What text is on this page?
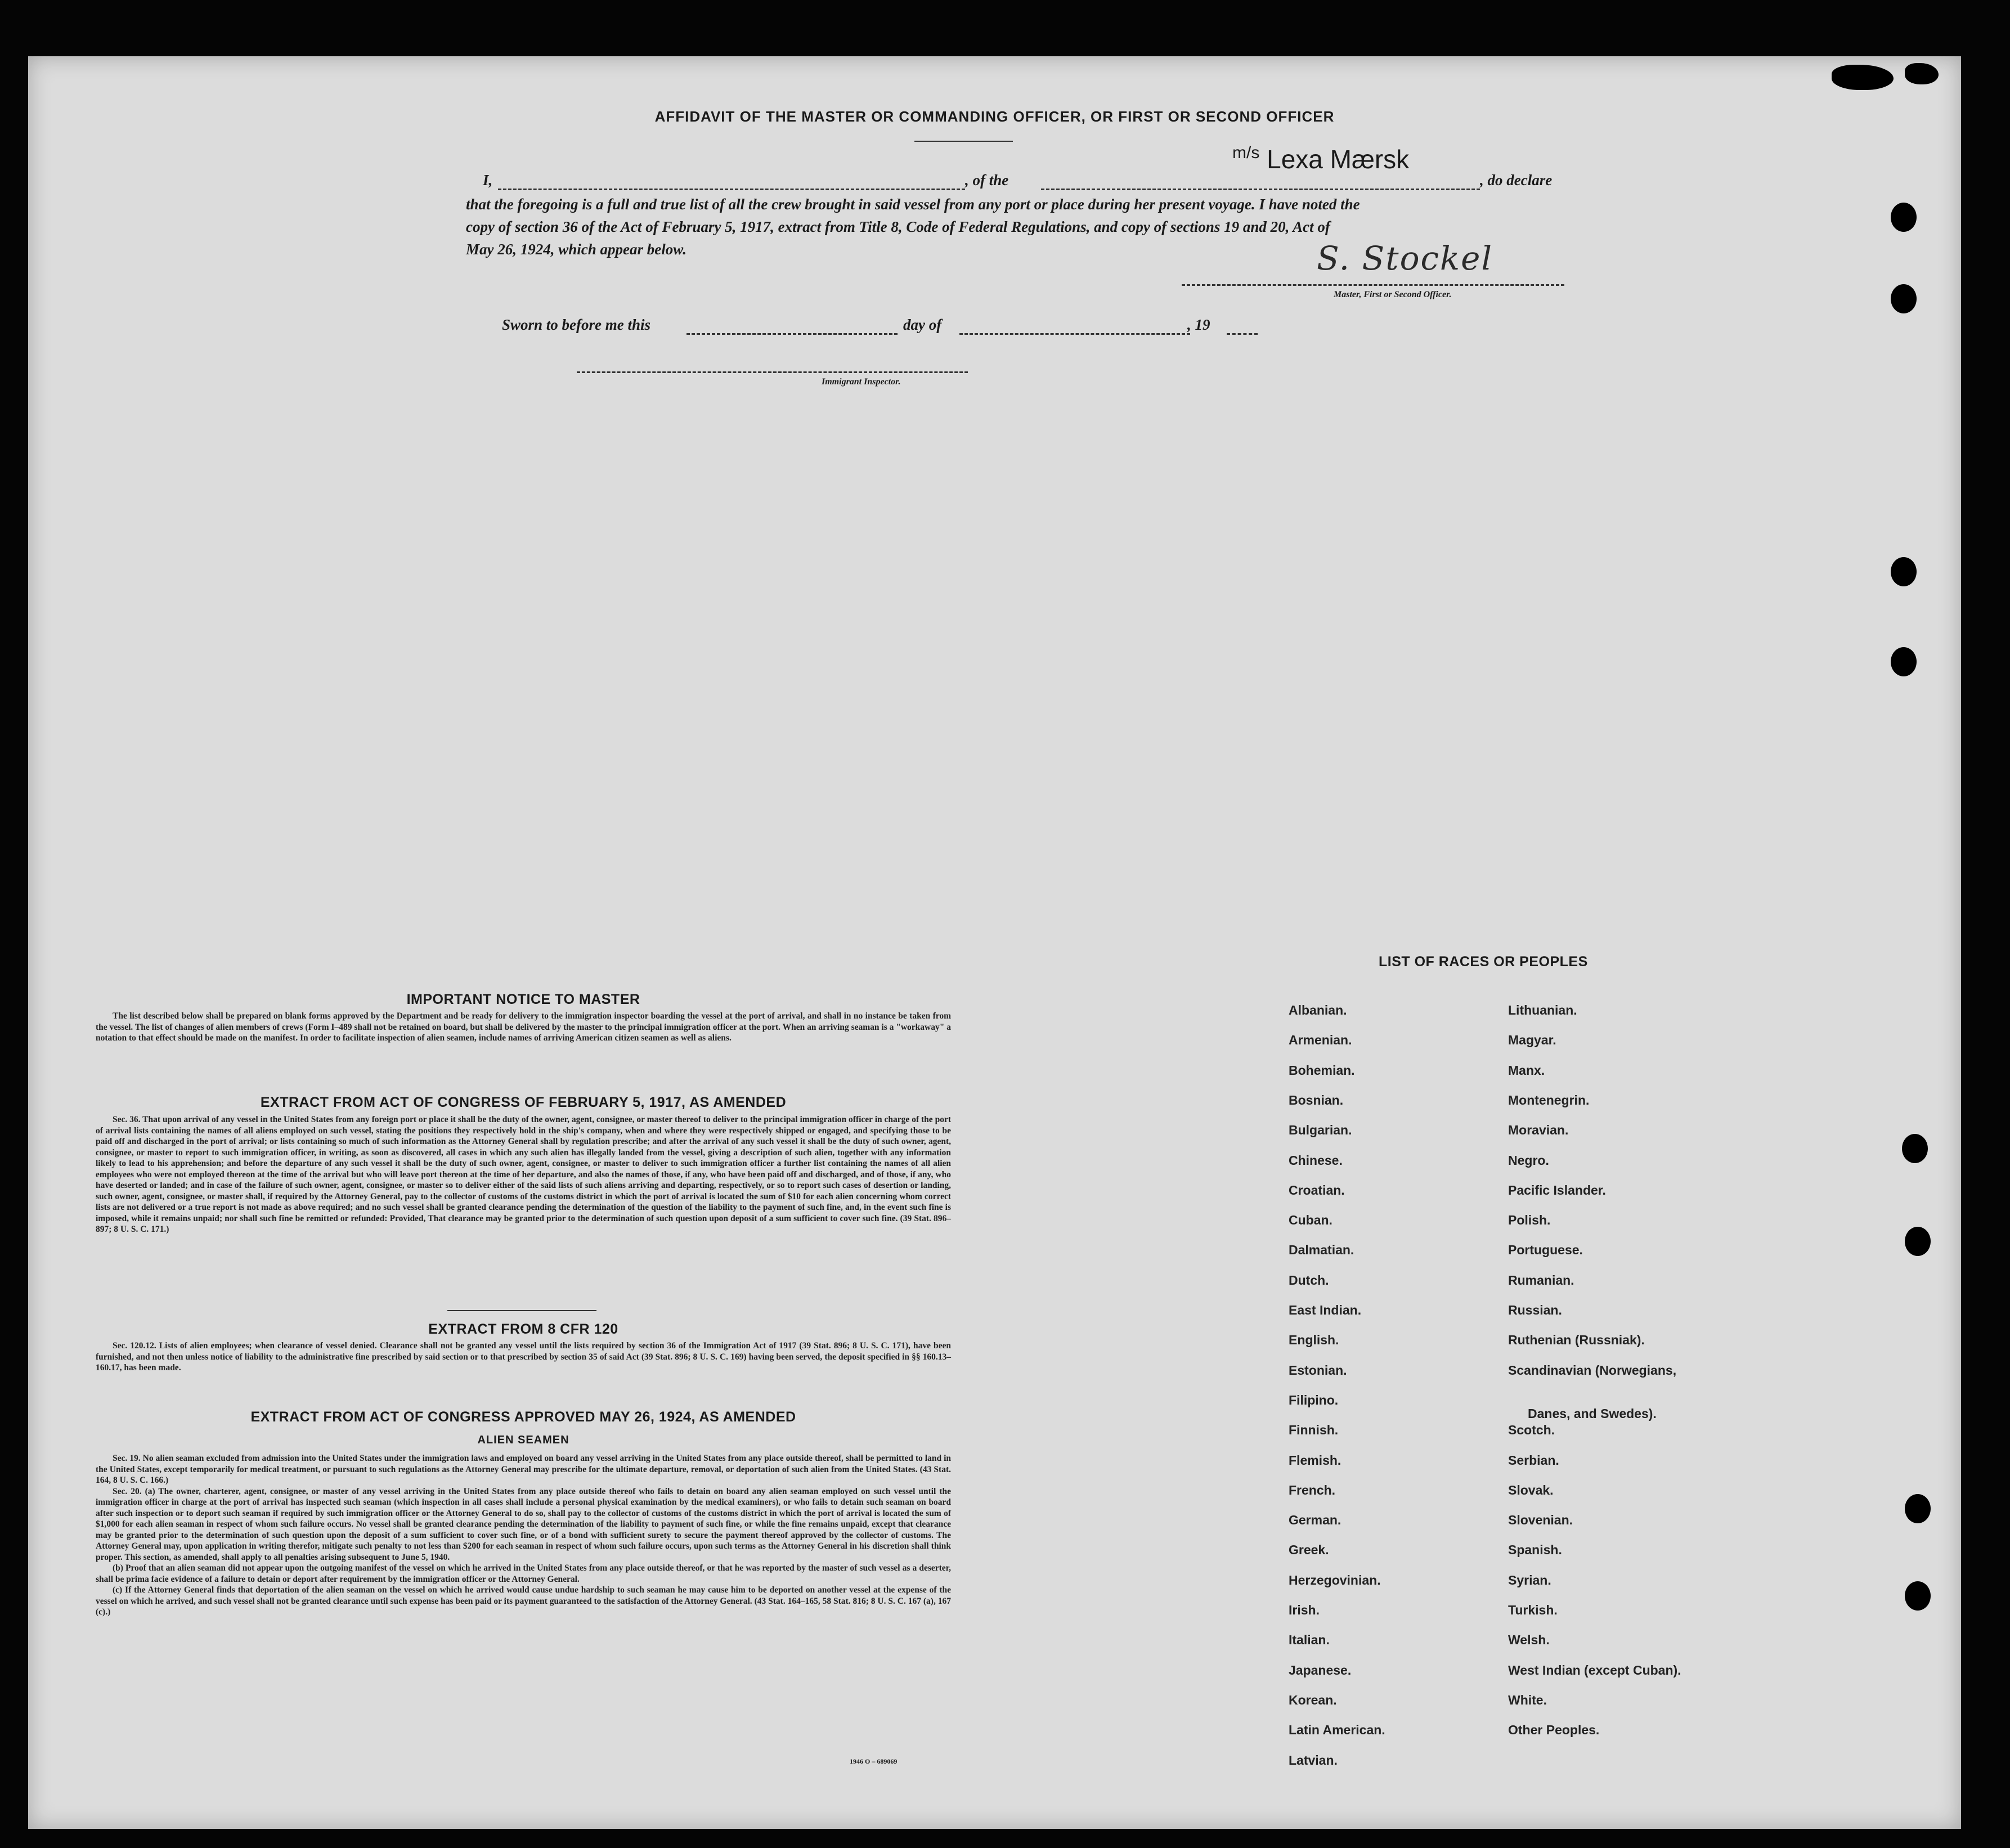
AFFIDAVIT OF THE MASTER OR COMMANDING OFFICER, OR FIRST OR SECOND OFFICER
I,	, of the
$^{m/s}$ Lexa Mærsk
, do declare
that the foregoing is a full and true list of all the crew brought in said vessel from any port or place during her present voyage. I have noted the
copy of section 36 of the Act of February 5, 1917, extract from Title 8, Code of Federal Regulations, and copy of sections 19 and 20, Act of
May 26, 1924, which appear below.	S. Stockel
Master, First or Second Officer.
Sworn to before me this	day of	, 19
Immigrant Inspector.
IMPORTANT NOTICE TO MASTER

The list described below shall be prepared on blank forms approved by the Department and be ready for delivery to the immigration inspector boarding the vessel at the port of arrival, and shall in no instance be taken from the vessel. The list of changes of alien members of crews (Form I–489 shall not be retained on board, but shall be delivered by the master to the principal immigration officer at the port. When an arriving seaman is a "workaway" a notation to that effect should be made on the manifest. In order to facilitate inspection of alien seamen, include names of arriving American citizen seamen as well as aliens.

EXTRACT FROM ACT OF CONGRESS OF FEBRUARY 5, 1917, AS AMENDED

Sec. 36. That upon arrival of any vessel in the United States from any foreign port or place it shall be the duty of the owner, agent, consignee, or master thereof to deliver to the principal immigration officer in charge of the port of arrival lists containing the names of all aliens employed on such vessel, stating the positions they respectively hold in the ship's company, when and where they were respectively shipped or engaged, and specifying those to be paid off and discharged in the port of arrival; or lists containing so much of such information as the Attorney General shall by regulation prescribe; and after the arrival of any such vessel it shall be the duty of such owner, agent, consignee, or master to report to such immigration officer, in writing, as soon as discovered, all cases in which any such alien has illegally landed from the vessel, giving a description of such alien, together with any information likely to lead to his apprehension; and before the departure of any such vessel it shall be the duty of such owner, agent, consignee, or master to deliver to such immigration officer a further list containing the names of all alien employees who were not employed thereon at the time of the arrival but who will leave port thereon at the time of her departure, and also the names of those, if any, who have been paid off and discharged, and of those, if any, who have deserted or landed; and in case of the failure of such owner, agent, consignee, or master so to deliver either of the said lists of such aliens arriving and departing, respectively, or so to report such cases of desertion or landing, such owner, agent, consignee, or master shall, if required by the Attorney General, pay to the collector of customs of the customs district in which the port of arrival is located the sum of $10 for each alien concerning whom correct lists are not delivered or a true report is not made as above required; and no such vessel shall be granted clearance pending the determination of the question of the liability to the payment of such fine, and, in the event such fine is imposed, while it remains unpaid; nor shall such fine be remitted or refunded: Provided, That clearance may be granted prior to the determination of such question upon deposit of a sum sufficient to cover such fine. (39 Stat. 896–897; 8 U. S. C. 171.)

EXTRACT FROM 8 CFR 120

Sec. 120.12. Lists of alien employees; when clearance of vessel denied. Clearance shall not be granted any vessel until the lists required by section 36 of the Immigration Act of 1917 (39 Stat. 896; 8 U. S. C. 171), have been furnished, and not then unless notice of liability to the administrative fine prescribed by said section or to that prescribed by section 35 of said Act (39 Stat. 896; 8 U. S. C. 169) having been served, the deposit specified in §§ 160.13–160.17, has been made.

EXTRACT FROM ACT OF CONGRESS APPROVED MAY 26, 1924, AS AMENDED
ALIEN SEAMEN

Sec. 19. No alien seaman excluded from admission into the United States under the immigration laws and employed on board any vessel arriving in the United States from any place outside thereof, shall be permitted to land in the United States, except temporarily for medical treatment, or pursuant to such regulations as the Attorney General may prescribe for the ultimate departure, removal, or deportation of such alien from the United States. (43 Stat. 164, 8 U. S. C. 166.)

Sec. 20. (a) The owner, charterer, agent, consignee, or master of any vessel arriving in the United States from any place outside thereof who fails to detain on board any alien seaman employed on such vessel until the immigration officer in charge at the port of arrival has inspected such seaman (which inspection in all cases shall include a personal physical examination by the medical examiners), or who fails to detain such seaman on board after such inspection or to deport such seaman if required by such immigration officer or the Attorney General to do so, shall pay to the collector of customs of the customs district in which the port of arrival is located the sum of $1,000 for each alien seaman in respect of whom such failure occurs. No vessel shall be granted clearance pending the determination of the liability to payment of such fine, or while the fine remains unpaid, except that clearance may be granted prior to the determination of such question upon the deposit of a sum sufficient to cover such fine, or of a bond with sufficient surety to secure the payment thereof approved by the collector of customs. The Attorney General may, upon application in writing therefor, mitigate such penalty to not less than $200 for each seaman in respect of whom such failure occurs, upon such terms as the Attorney General in his discretion shall think proper. This section, as amended, shall apply to all penalties arising subsequent to June 5, 1940.

(b) Proof that an alien seaman did not appear upon the outgoing manifest of the vessel on which he arrived in the United States from any place outside thereof, or that he was reported by the master of such vessel as a deserter, shall be prima facie evidence of a failure to detain or deport after requirement by the immigration officer or the Attorney General.

(c) If the Attorney General finds that deportation of the alien seaman on the vessel on which he arrived would cause undue hardship to such seaman he may cause him to be deported on another vessel at the expense of the vessel on which he arrived, and such vessel shall not be granted clearance until such expense has been paid or its payment guaranteed to the satisfaction of the Attorney General. (43 Stat. 164–165, 58 Stat. 816; 8 U. S. C. 167 (a), 167 (c).)

1946 O – 689069
LIST OF RACES OR PEOPLES
Albanian.
Armenian.
Bohemian.
Bosnian.
Bulgarian.
Chinese.
Croatian.
Cuban.
Dalmatian.
Dutch.
East Indian.
English.
Estonian.
Filipino.
Finnish.
Flemish.
French.
German.
Greek.
Herzegovinian.
Irish.
Italian.
Japanese.
Korean.
Latin American.
Latvian.
Lithuanian.
Magyar.
Manx.
Montenegrin.
Moravian.
Negro.
Pacific Islander.
Polish.
Portuguese.
Rumanian.
Russian.
Ruthenian (Russniak).
Scandinavian (Norwegians,
Danes, and Swedes).
Scotch.
Serbian.
Slovak.
Slovenian.
Spanish.
Syrian.
Turkish.
Welsh.
West Indian (except Cuban).
White.
Other Peoples.
